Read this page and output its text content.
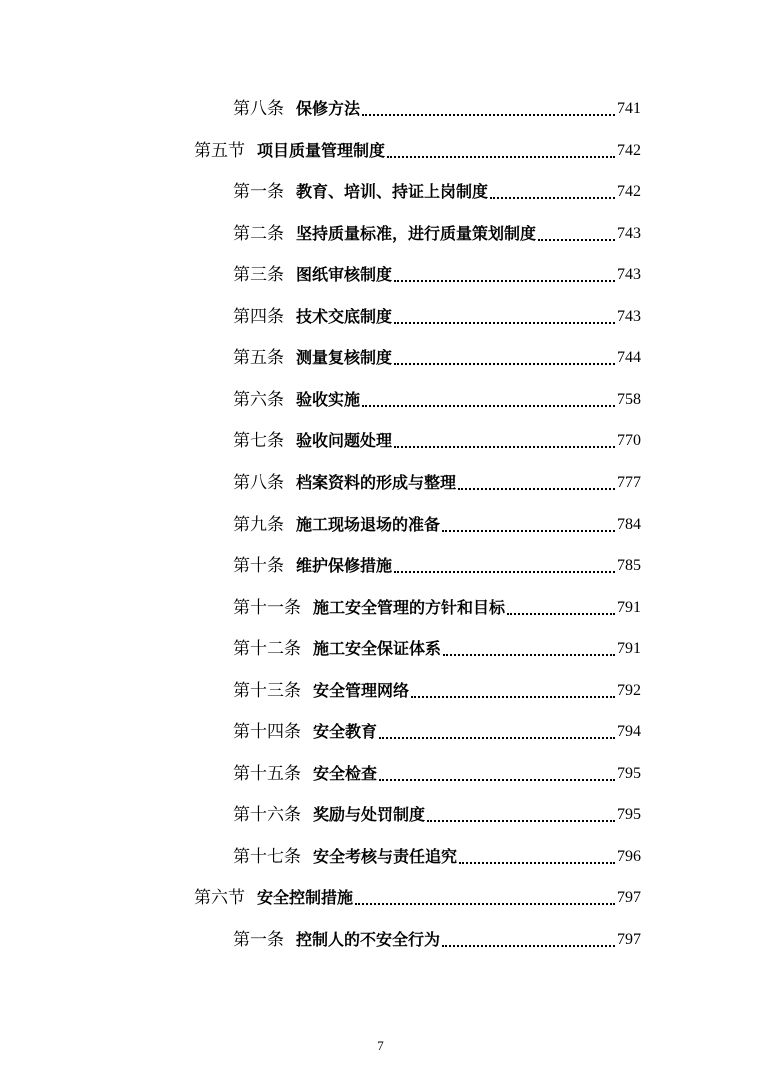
第八条 保修方法	741
第五节 项目质量管理制度	742
第一条 教育、培训、持证上岗制度	742
第二条 坚持质量标准，进行质量策划制度	743
第三条 图纸审核制度	743
第四条 技术交底制度	743
第五条 测量复核制度	744
第六条 验收实施	758
第七条 验收问题处理	770
第八条 档案资料的形成与整理	777
第九条 施工现场退场的准备	784
第十条 维护保修措施	785
第十一条 施工安全管理的方针和目标	791
第十二条 施工安全保证体系	791
第十三条 安全管理网络	792
第十四条 安全教育	794
第十五条 安全检查	795
第十六条 奖励与处罚制度	795
第十七条 安全考核与责任追究	796
第六节 安全控制措施	797
第一条 控制人的不安全行为	797
7
